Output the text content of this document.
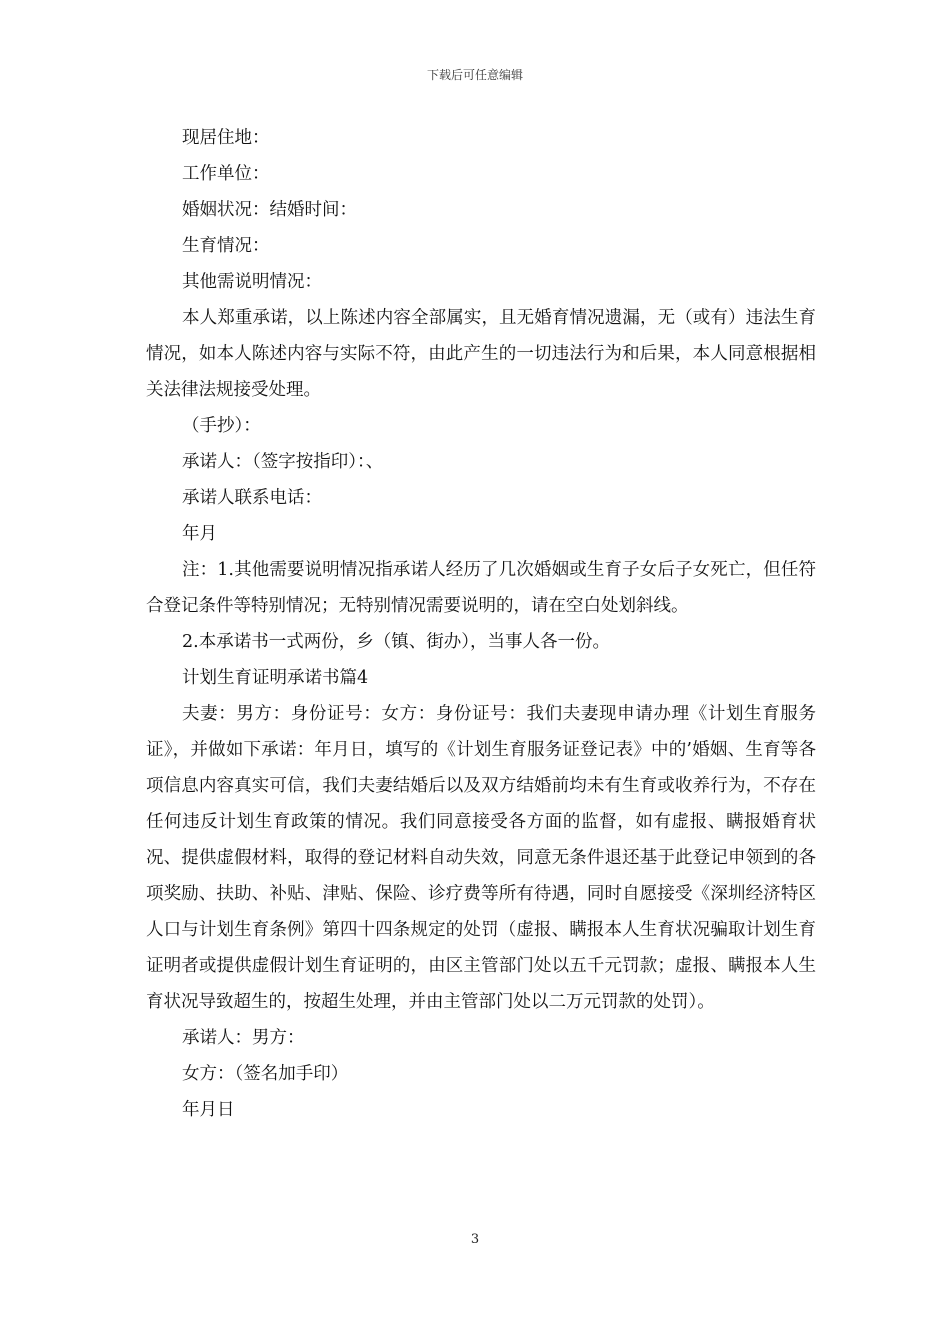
下载后可任意编辑

现居住地：

工作单位：

婚姻状况：结婚时间：

生育情况：

其他需说明情况：

本人郑重承诺，以上陈述内容全部属实，且无婚育情况遗漏，无（或有）违法生育情况，如本人陈述内容与实际不符，由此产生的一切违法行为和后果，本人同意根据相关法律法规接受处理。

（手抄）：

承诺人：（签字按指印）：、

承诺人联系电话：

年月

注：1.其他需要说明情况指承诺人经历了几次婚姻或生育子女后子女死亡，但任符合登记条件等特别情况；无特别情况需要说明的，请在空白处划斜线。

2.本承诺书一式两份，乡（镇、街办），当事人各一份。

计划生育证明承诺书篇4

夫妻：男方：身份证号：女方：身份证号：我们夫妻现申请办理《计划生育服务证》，并做如下承诺：年月日，填写的《计划生育服务证登记表》中的’婚姻、生育等各项信息内容真实可信，我们夫妻结婚后以及双方结婚前均未有生育或收养行为，不存在任何违反计划生育政策的情况。我们同意接受各方面的监督，如有虚报、瞒报婚育状况、提供虚假材料，取得的登记材料自动失效，同意无条件退还基于此登记申领到的各项奖励、扶助、补贴、津贴、保险、诊疗费等所有待遇，同时自愿接受《深圳经济特区人口与计划生育条例》第四十四条规定的处罚（虚报、瞒报本人生育状况骗取计划生育证明者或提供虚假计划生育证明的，由区主管部门处以五千元罚款；虚报、瞒报本人生育状况导致超生的，按超生处理，并由主管部门处以二万元罚款的处罚）。

承诺人：男方：

女方：（签名加手印）

年月日

3
